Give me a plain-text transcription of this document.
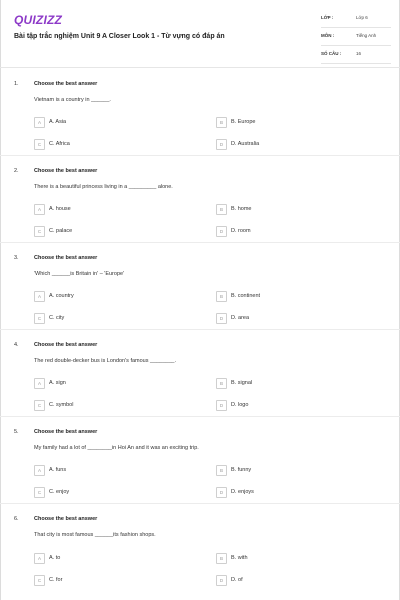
QUIZIZZ
Bài tập trắc nghiệm Unit 9 A Closer Look 1 - Từ vựng có đáp án
LỚP :	Lớp 6
MÔN :	Tiếng Anh
SỐ CÂU :	16
1.	Choose the best answer
Vietnam is a country in ______.
A	A. Asia	B	B. Europe
C	C. Africa	D	D. Australia
2.	Choose the best answer
There is a beautiful princess living in a _________ alone.
A	A. house	B	B. home
C	C. palace	D	D. room
3.	Choose the best answer
'Which ______is Britain in' – 'Europe'
A	A. country	B	B. continent
C	C. city	D	D. area
4.	Choose the best answer
The red double-decker bus is London's famous ________.
A	A. sign	B	B. signal
C	C. symbol	D	D. logo
5.	Choose the best answer
My family had a lot of ________in Hoi An and it was an exciting trip.
A	A. funs	B	B. funny
C	C. enjoy	D	D. enjoys
6.	Choose the best answer
That city is most famous ______its fashion shops.
A	A. to	B	B. with
C	C. for	D	D. of
